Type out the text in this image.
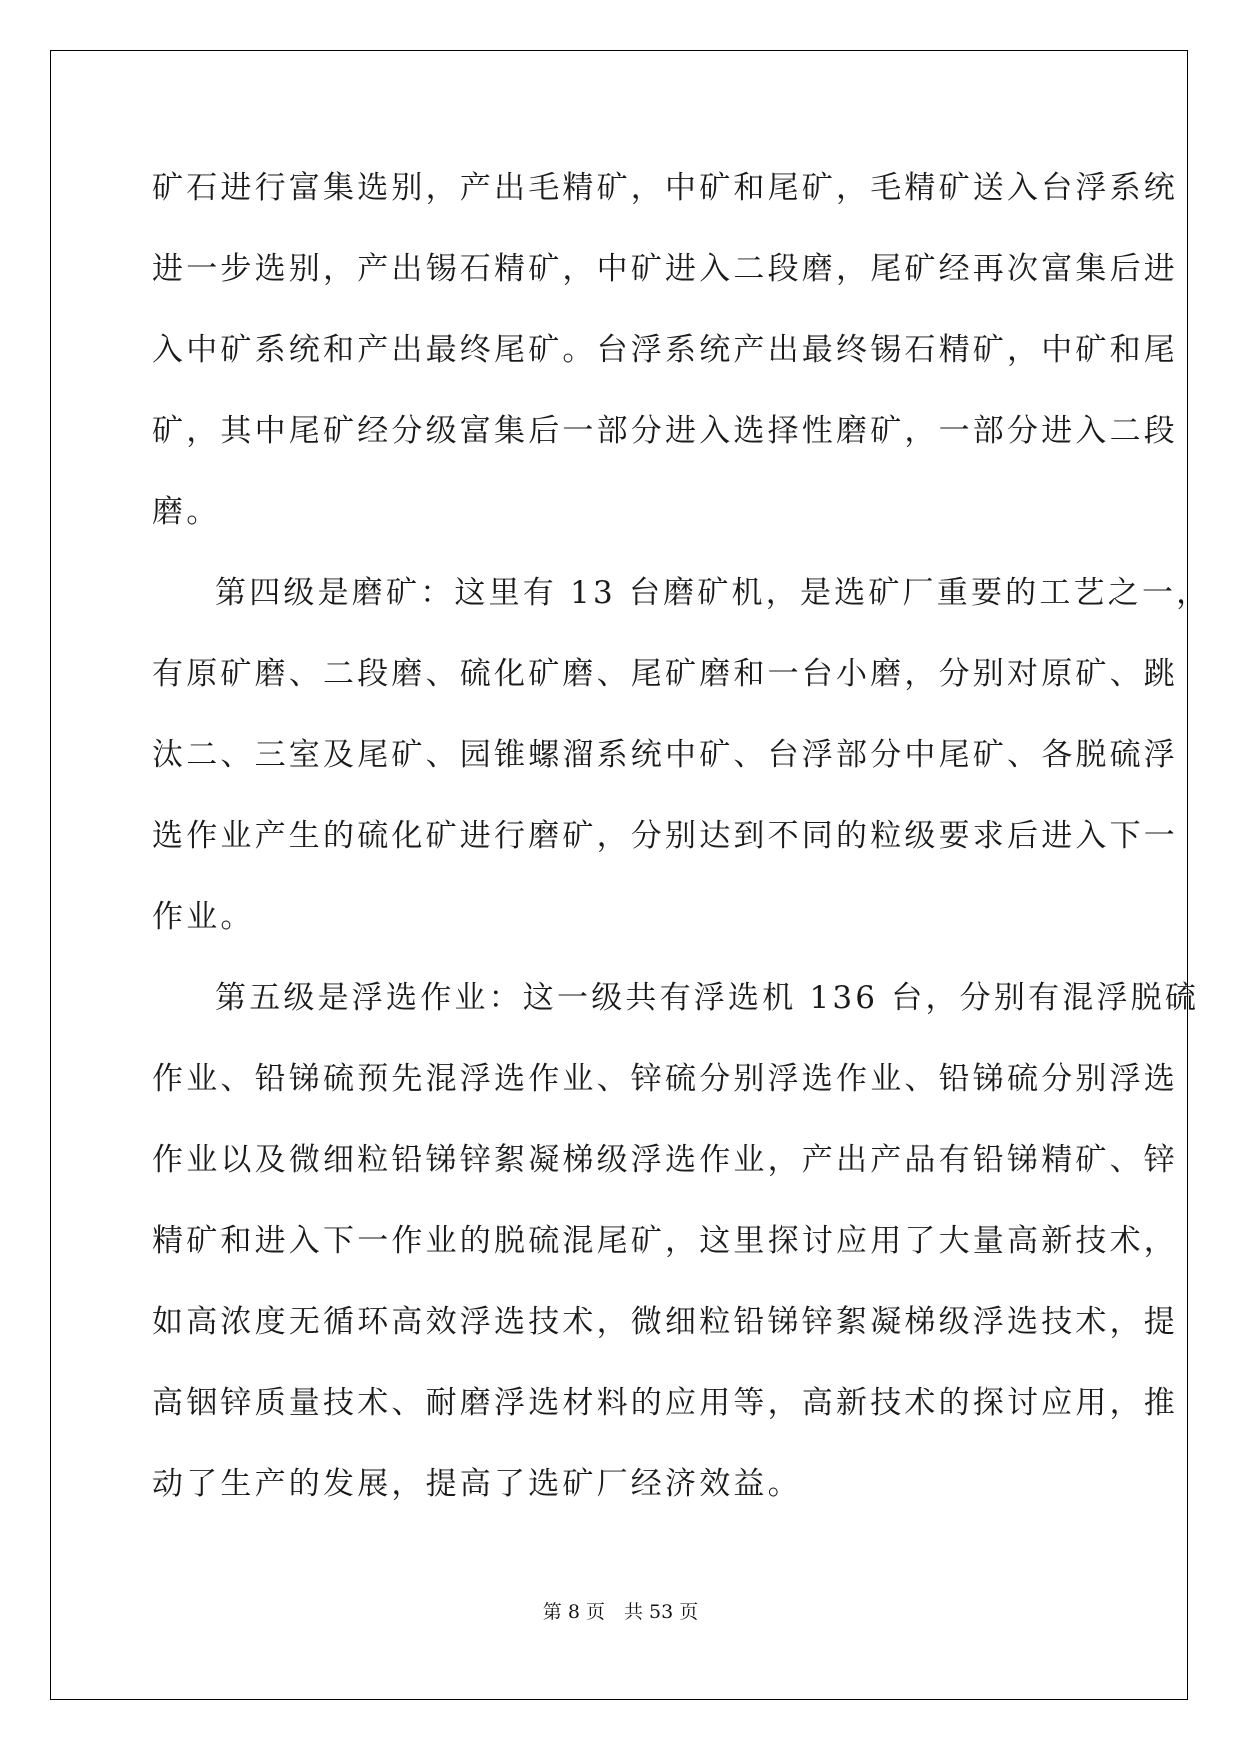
矿石进行富集选别，产出毛精矿，中矿和尾矿，毛精矿送入台浮系统
进一步选别，产出锡石精矿，中矿进入二段磨，尾矿经再次富集后进
入中矿系统和产出最终尾矿。台浮系统产出最终锡石精矿，中矿和尾
矿，其中尾矿经分级富集后一部分进入选择性磨矿，一部分进入二段
磨。
第四级是磨矿：这里有 13 台磨矿机，是选矿厂重要的工艺之一，
有原矿磨、二段磨、硫化矿磨、尾矿磨和一台小磨，分别对原矿、跳
汰二、三室及尾矿、园锥螺溜系统中矿、台浮部分中尾矿、各脱硫浮
选作业产生的硫化矿进行磨矿，分别达到不同的粒级要求后进入下一
作业。
第五级是浮选作业：这一级共有浮选机 136 台，分别有混浮脱硫
作业、铅锑硫预先混浮选作业、锌硫分别浮选作业、铅锑硫分别浮选
作业以及微细粒铅锑锌絮凝梯级浮选作业，产出产品有铅锑精矿、锌
精矿和进入下一作业的脱硫混尾矿，这里探讨应用了大量高新技术，
如高浓度无循环高效浮选技术，微细粒铅锑锌絮凝梯级浮选技术，提
高铟锌质量技术、耐磨浮选材料的应用等，高新技术的探讨应用，推
动了生产的发展，提高了选矿厂经济效益。
第 8 页　共 53 页
